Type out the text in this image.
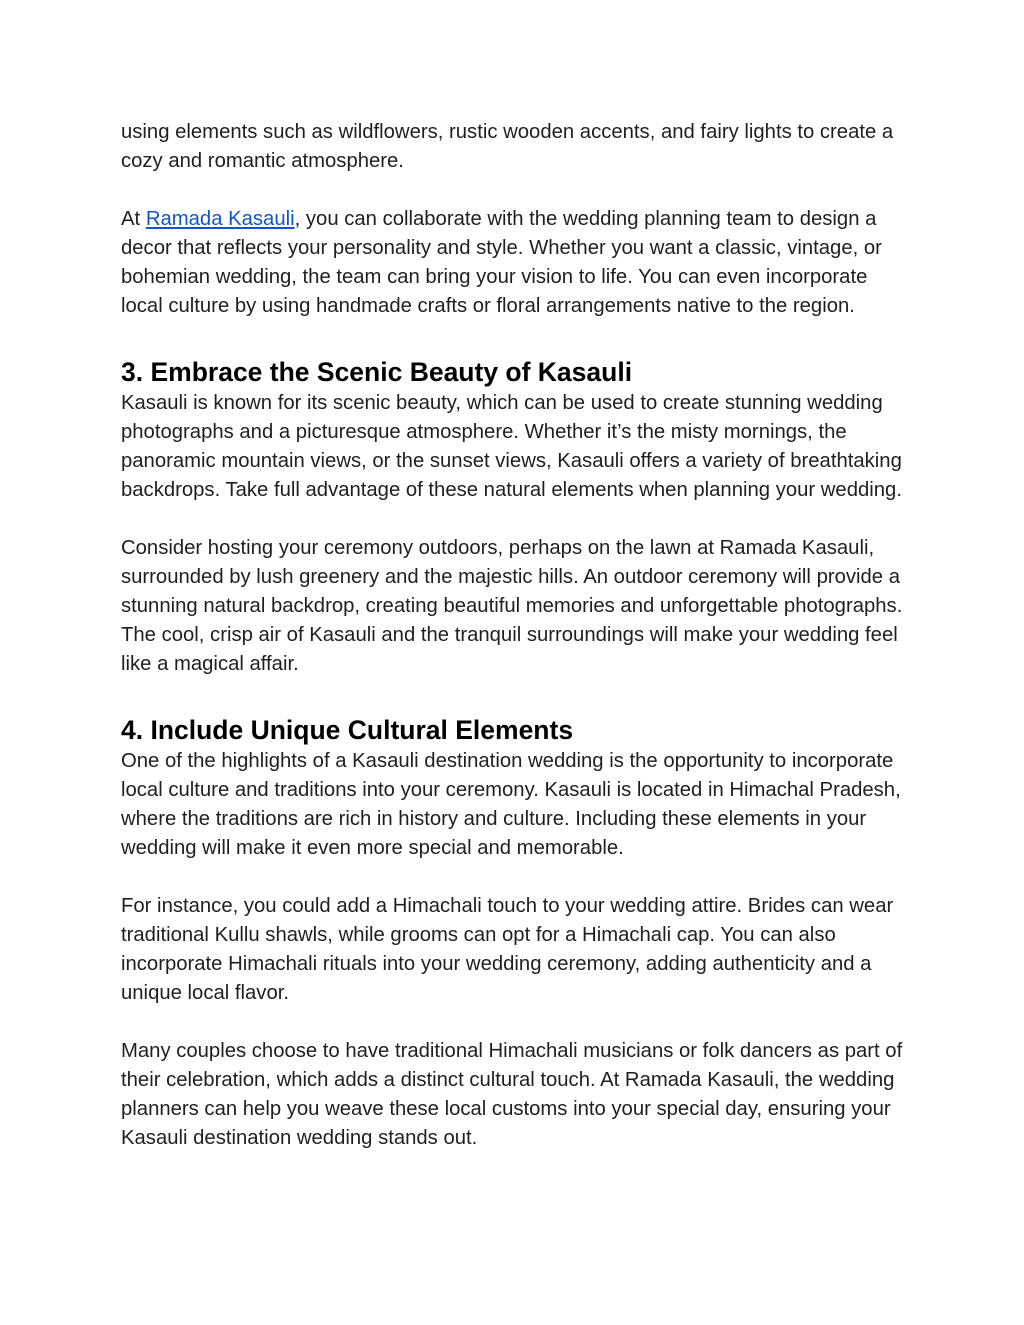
using elements such as wildflowers, rustic wooden accents, and fairy lights to create a cozy and romantic atmosphere.

At Ramada Kasauli, you can collaborate with the wedding planning team to design a decor that reflects your personality and style. Whether you want a classic, vintage, or bohemian wedding, the team can bring your vision to life. You can even incorporate local culture by using handmade crafts or floral arrangements native to the region.

3. Embrace the Scenic Beauty of Kasauli

Kasauli is known for its scenic beauty, which can be used to create stunning wedding photographs and a picturesque atmosphere. Whether it’s the misty mornings, the panoramic mountain views, or the sunset views, Kasauli offers a variety of breathtaking backdrops. Take full advantage of these natural elements when planning your wedding.

Consider hosting your ceremony outdoors, perhaps on the lawn at Ramada Kasauli, surrounded by lush greenery and the majestic hills. An outdoor ceremony will provide a stunning natural backdrop, creating beautiful memories and unforgettable photographs. The cool, crisp air of Kasauli and the tranquil surroundings will make your wedding feel like a magical affair.

4. Include Unique Cultural Elements

One of the highlights of a Kasauli destination wedding is the opportunity to incorporate local culture and traditions into your ceremony. Kasauli is located in Himachal Pradesh, where the traditions are rich in history and culture. Including these elements in your wedding will make it even more special and memorable.

For instance, you could add a Himachali touch to your wedding attire. Brides can wear traditional Kullu shawls, while grooms can opt for a Himachali cap. You can also incorporate Himachali rituals into your wedding ceremony, adding authenticity and a unique local flavor.

Many couples choose to have traditional Himachali musicians or folk dancers as part of their celebration, which adds a distinct cultural touch. At Ramada Kasauli, the wedding planners can help you weave these local customs into your special day, ensuring your Kasauli destination wedding stands out.
